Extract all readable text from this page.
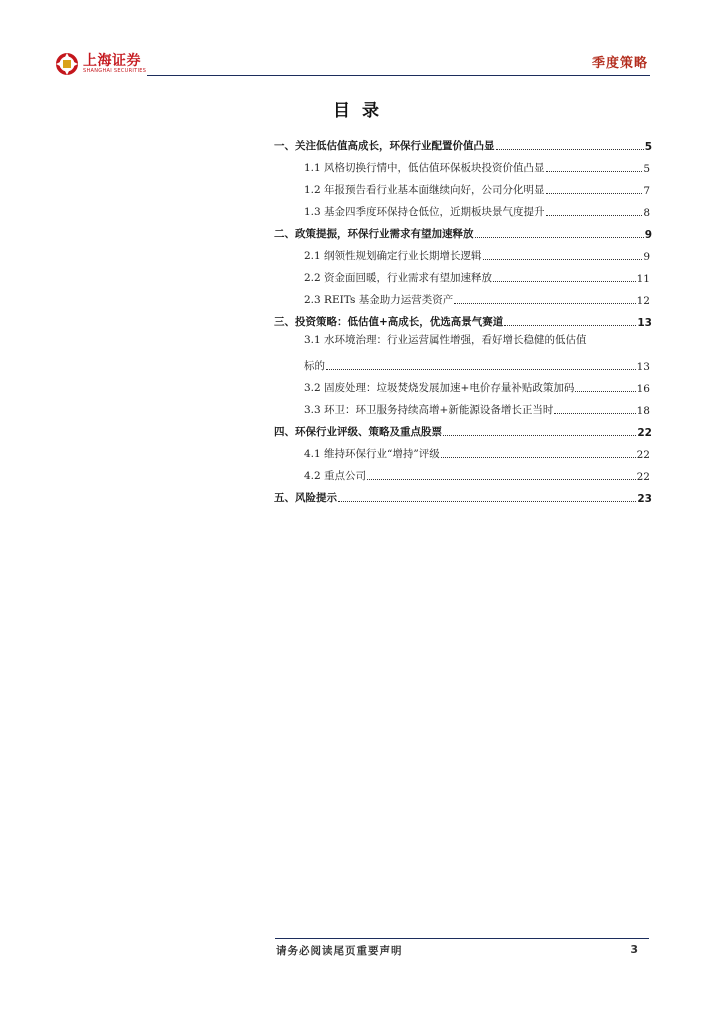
上海证券
SHANGHAI SECURITIES	季度策略
目录
一、关注低估值高成长，环保行业配置价值凸显	5
1.1 风格切换行情中，低估值环保板块投资价值凸显	5
1.2 年报预告看行业基本面继续向好，公司分化明显	7
1.3 基金四季度环保持仓低位，近期板块景气度提升	8
二、政策提振，环保行业需求有望加速释放	9
2.1 纲领性规划确定行业长期增长逻辑	9
2.2 资金面回暖，行业需求有望加速释放	11
2.3 REITs 基金助力运营类资产	12
三、投资策略：低估值+高成长，优选高景气赛道	13
3.1 水环境治理：行业运营属性增强，看好增长稳健的低估值
标的	13
3.2 固废处理：垃圾焚烧发展加速+电价存量补贴政策加码	16
3.3 环卫：环卫服务持续高增+新能源设备增长正当时	18
四、环保行业评级、策略及重点股票	22
4.1 维持环保行业“增持”评级	22
4.2 重点公司	22
五、风险提示	23
请务必阅读尾页重要声明	3
